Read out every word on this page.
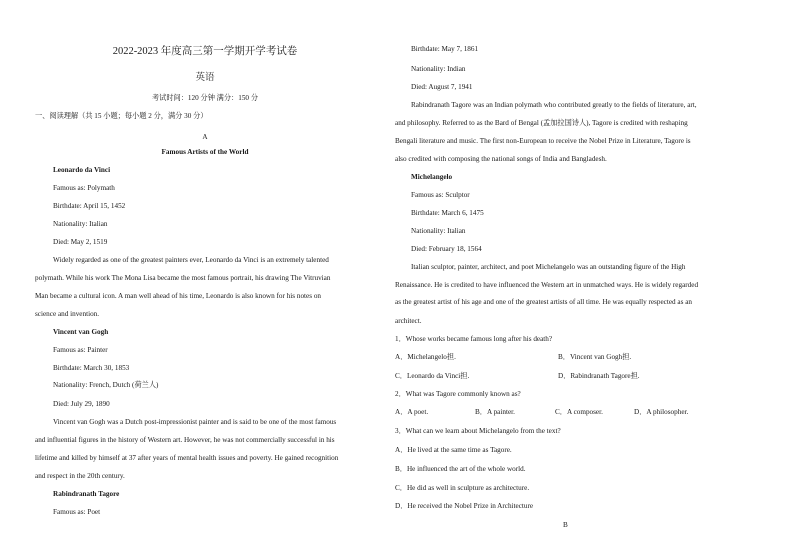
2022-2023 年度高三第一学期开学考试卷
英语
考试时间：120 分钟 满分：150 分
一、阅读理解（共 15 小题；每小题 2 分，满分 30 分）
A
Famous Artists of the World
Leonardo da Vinci
Famous as: Polymath
Birthdate: April 15, 1452
Nationality: Italian
Died: May 2, 1519
Widely regarded as one of the greatest painters ever, Leonardo da Vinci is an extremely talented
polymath. While his work The Mona Lisa became the most famous portrait, his drawing The Vitruvian
Man became a cultural icon. A man well ahead of his time, Leonardo is also known for his notes on
science and invention.
Vincent van Gogh
Famous as: Painter
Birthdate: March 30, 1853
Nationality: French, Dutch (荷兰人)
Died: July 29, 1890
Vincent van Gogh was a Dutch post-impressionist painter and is said to be one of the most famous
and influential figures in the history of Western art. However, he was not commercially successful in his
lifetime and killed by himself at 37 after years of mental health issues and poverty. He gained recognition
and respect in the 20th century.
Rabindranath Tagore
Famous as: Poet
Birthdate: May 7, 1861
Nationality: Indian
Died: August 7, 1941
Rabindranath Tagore was an Indian polymath who contributed greatly to the fields of literature, art,
and philosophy. Referred to as the Bard of Bengal (孟加拉国诗人), Tagore is credited with reshaping
Bengali literature and music. The first non-European to receive the Nobel Prize in Literature, Tagore is
also credited with composing the national songs of India and Bangladesh.
Michelangelo
Famous as: Sculptor
Birthdate: March 6, 1475
Nationality: Italian
Died: February 18, 1564
Italian sculptor, painter, architect, and poet Michelangelo was an outstanding figure of the High
Renaissance. He is credited to have influenced the Western art in unmatched ways. He is widely regarded
as the greatest artist of his age and one of the greatest artists of all time. He was equally respected as an
architect.
1．Whose works became famous long after his death?
A．Michelangelo担.	B．Vincent van Gogh担.
C．Leonardo da Vinci担.	D．Rabindranath Tagore担.
2．What was Tagore commonly known as?
A．A poet.	B．A painter.	C．A composer.	D．A philosopher.
3．What can we learn about Michelangelo from the text?
A．He lived at the same time as Tagore.
B．He influenced the art of the whole world.
C．He did as well in sculpture as architecture.
D．He received the Nobel Prize in Architecture
B
